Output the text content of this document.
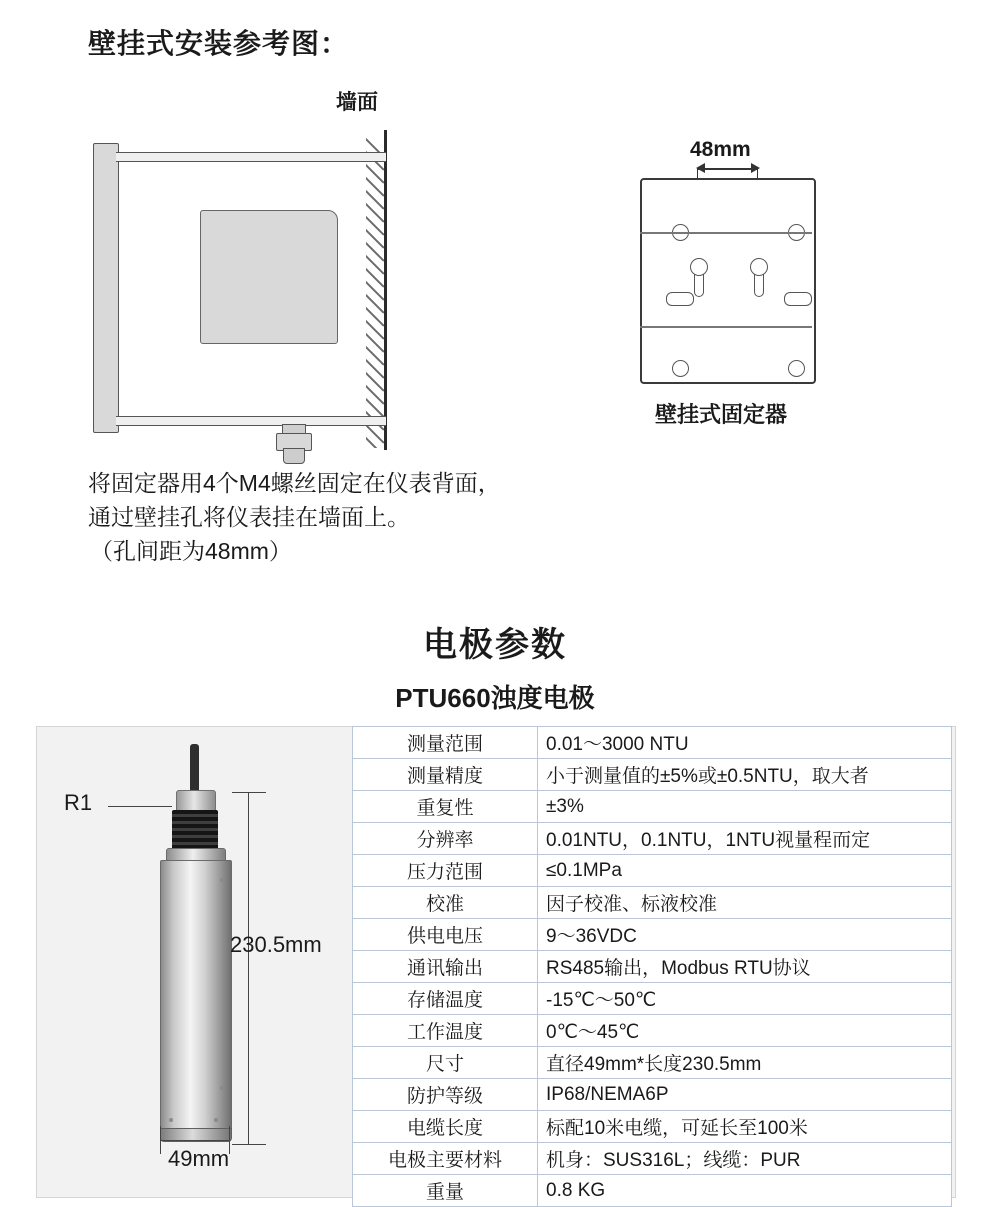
壁挂式安装参考图：
墙面
48mm
壁挂式固定器
将固定器用4个M4螺丝固定在仪表背面，
通过壁挂孔将仪表挂在墙面上。
（孔间距为48mm）
电极参数
PTU660浊度电极
R1
230.5mm
49mm
测量范围	0.01～3000 NTU
测量精度	小于测量值的±5%或±0.5NTU，取大者
重复性	±3%
分辨率	0.01NTU，0.1NTU，1NTU视量程而定
压力范围	≤0.1MPa
校准	因子校准、标液校准
供电电压	9～36VDC
通讯输出	RS485输出，Modbus RTU协议
存储温度	-15℃～50℃
工作温度	0℃～45℃
尺寸	直径49mm*长度230.5mm
防护等级	IP68/NEMA6P
电缆长度	标配10米电缆，可延长至100米
电极主要材料	机身：SUS316L；线缆：PUR
重量	0.8 KG
